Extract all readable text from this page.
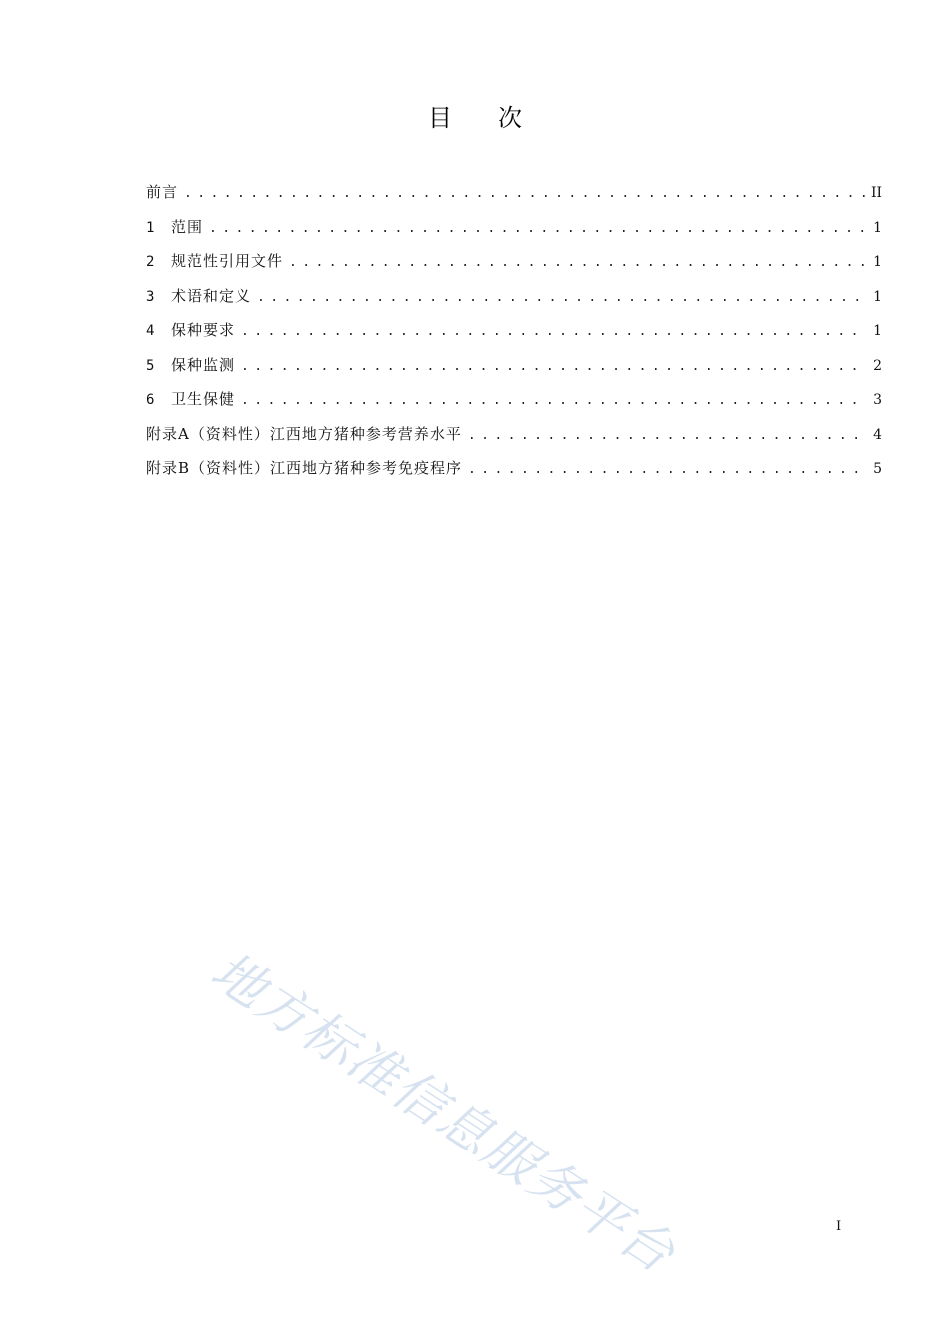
目次
前言 . . .	II
1	范围 . . .	1
2	规范性引用文件 . . .	1
3	术语和定义 . . .	1
4	保种要求 . . .	1
5	保种监测 . . .	2
6	卫生保健 . . .	3
附录A（资料性）江西地方猪种参考营养水平 . . .	4
附录B（资料性）江西地方猪种参考免疫程序 . . .	5
地方标准信息服务平台	I
